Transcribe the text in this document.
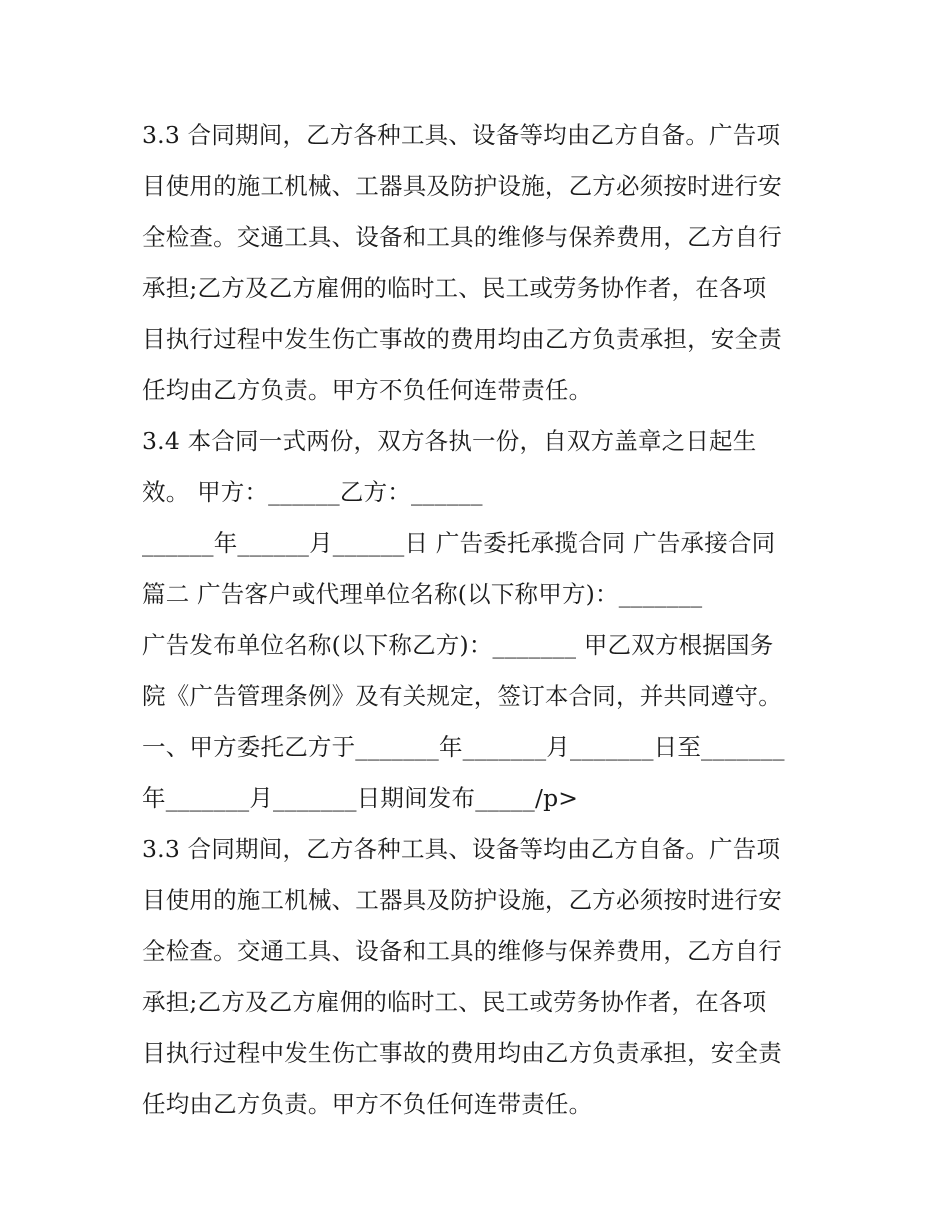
3.3 合同期间，乙方各种工具、设备等均由乙方自备。广告项
目使用的施工机械、工器具及防护设施，乙方必须按时进行安
全检查。交通工具、设备和工具的维修与保养费用，乙方自行
承担;乙方及乙方雇佣的临时工、民工或劳务协作者，在各项
目执行过程中发生伤亡事故的费用均由乙方负责承担，安全责
任均由乙方负责。甲方不负任何连带责任。
3.4 本合同一式两份，双方各执一份，自双方盖章之日起生
效。 甲方：______乙方：______
______年______月______日 广告委托承揽合同 广告承接合同
篇二 广告客户或代理单位名称(以下称甲方)：_______
广告发布单位名称(以下称乙方)：_______ 甲乙双方根据国务
院《广告管理条例》及有关规定，签订本合同，并共同遵守。
一、甲方委托乙方于_______年_______月_______日至_______
年_______月_______日期间发布_____/p>
3.3 合同期间，乙方各种工具、设备等均由乙方自备。广告项
目使用的施工机械、工器具及防护设施，乙方必须按时进行安
全检查。交通工具、设备和工具的维修与保养费用，乙方自行
承担;乙方及乙方雇佣的临时工、民工或劳务协作者，在各项
目执行过程中发生伤亡事故的费用均由乙方负责承担，安全责
任均由乙方负责。甲方不负任何连带责任。
